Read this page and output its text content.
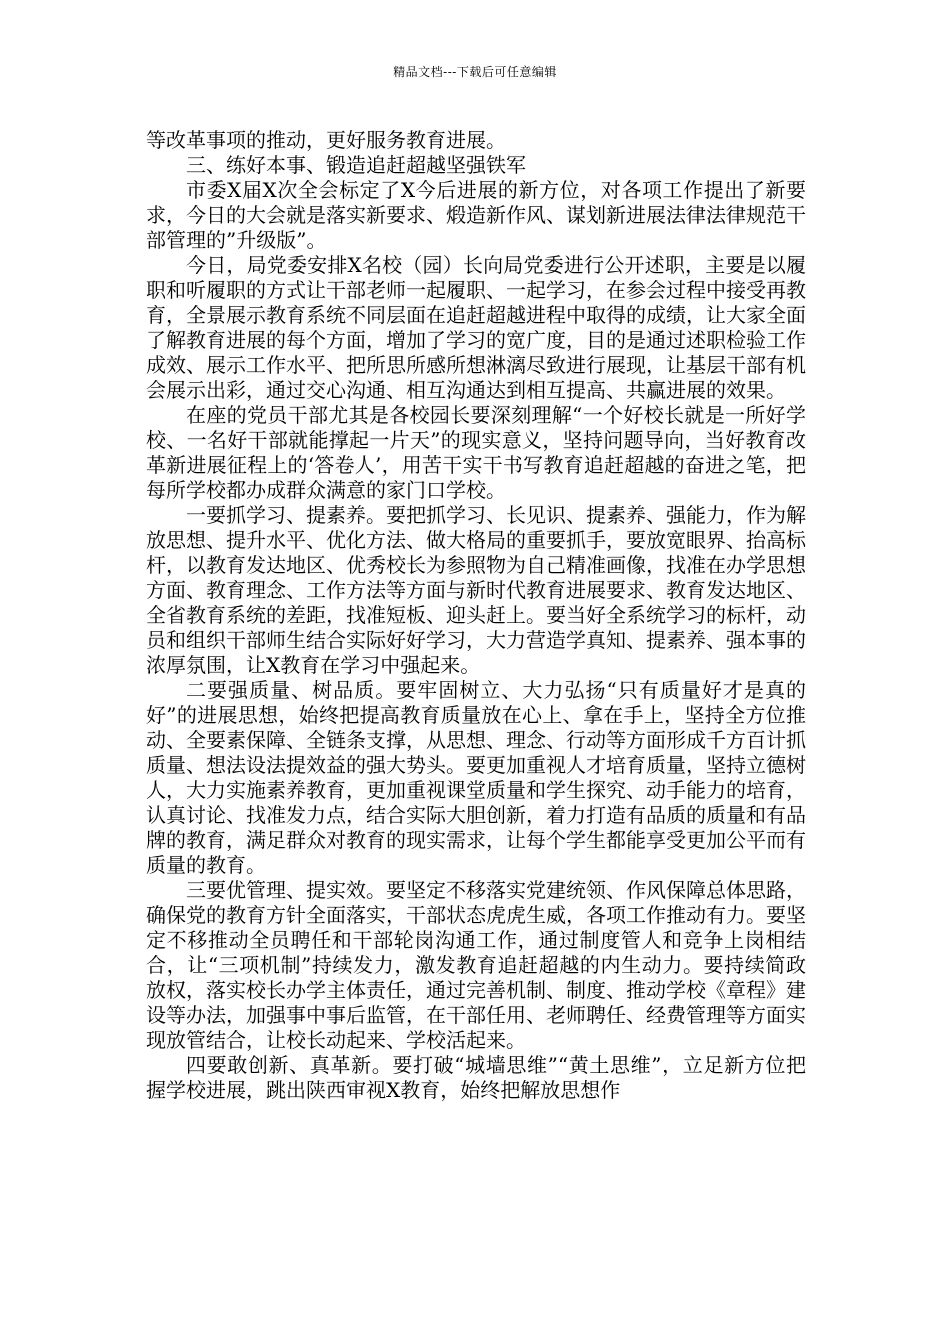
精品文档---下载后可任意编辑

等改革事项的推动，更好服务教育进展。

三、练好本事、锻造追赶超越坚强铁军

市委X届X次全会标定了X今后进展的新方位，对各项工作提出了新要求，今日的大会就是落实新要求、煅造新作风、谋划新进展法律法律规范干部管理的”升级版”。

今日，局党委安排X名校（园）长向局党委进行公开述职，主要是以履职和听履职的方式让干部老师一起履职、一起学习，在参会过程中接受再教育，全景展示教育系统不同层面在追赶超越进程中取得的成绩，让大家全面了解教育进展的每个方面，增加了学习的宽广度，目的是通过述职检验工作成效、展示工作水平、把所思所感所想淋漓尽致进行展现，让基层干部有机会展示出彩，通过交心沟通、相互沟通达到相互提高、共赢进展的效果。

在座的党员干部尤其是各校园长要深刻理解“一个好校长就是一所好学校、一名好干部就能撑起一片天”的现实意义，坚持问题导向，当好教育改革新进展征程上的‘答卷人’，用苦干实干书写教育追赶超越的奋进之笔，把每所学校都办成群众满意的家门口学校。

一要抓学习、提素养。要把抓学习、长见识、提素养、强能力，作为解放思想、提升水平、优化方法、做大格局的重要抓手，要放宽眼界、抬高标杆，以教育发达地区、优秀校长为参照物为自己精准画像，找准在办学思想方面、教育理念、工作方法等方面与新时代教育进展要求、教育发达地区、全省教育系统的差距，找准短板、迎头赶上。要当好全系统学习的标杆，动员和组织干部师生结合实际好好学习，大力营造学真知、提素养、强本事的浓厚氛围，让X教育在学习中强起来。

二要强质量、树品质。要牢固树立、大力弘扬“只有质量好才是真的好”的进展思想，始终把提高教育质量放在心上、拿在手上，坚持全方位推动、全要素保障、全链条支撑，从思想、理念、行动等方面形成千方百计抓质量、想法设法提效益的强大势头。要更加重视人才培育质量，坚持立德树人，大力实施素养教育，更加重视课堂质量和学生探究、动手能力的培育，认真讨论、找准发力点，结合实际大胆创新，着力打造有品质的质量和有品牌的教育，满足群众对教育的现实需求，让每个学生都能享受更加公平而有质量的教育。

三要优管理、提实效。要坚定不移落实党建统领、作风保障总体思路，确保党的教育方针全面落实，干部状态虎虎生威，各项工作推动有力。要坚定不移推动全员聘任和干部轮岗沟通工作，通过制度管人和竞争上岗相结合，让“三项机制”持续发力，激发教育追赶超越的内生动力。要持续简政放权，落实校长办学主体责任，通过完善机制、制度、推动学校《章程》建设等办法，加强事中事后监管，在干部任用、老师聘任、经费管理等方面实现放管结合，让校长动起来、学校活起来。

四要敢创新、真革新。要打破“城墙思维”“黄土思维”，立足新方位把握学校进展，跳出陕西审视X教育，始终把解放思想作
